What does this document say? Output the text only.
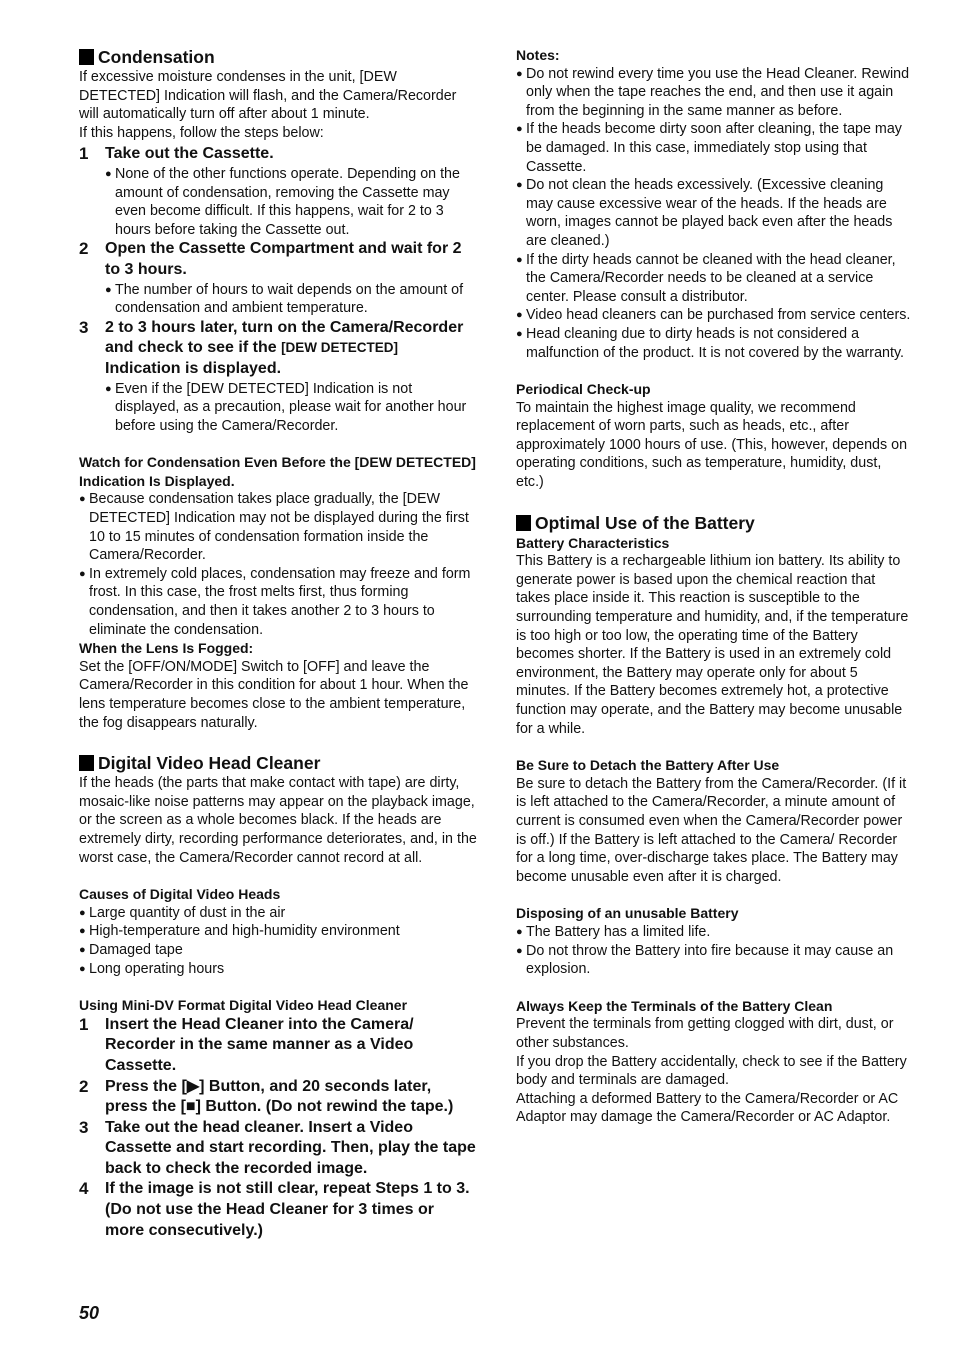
Condensation

If excessive moisture condenses in the unit, [DEW DETECTED] Indication will flash, and the Camera/Recorder will automatically turn off after about 1 minute.

If this happens, follow the steps below:

1 Take out the Cassette.

● None of the other functions operate. Depending on the amount of condensation, removing the Cassette may even become difficult. If this happens, wait for 2 to 3 hours before taking the Cassette out.

2 Open the Cassette Compartment and wait for 2 to 3 hours.

● The number of hours to wait depends on the amount of condensation and ambient temperature.

3 2 to 3 hours later, turn on the Camera/Recorder and check to see if the [DEW DETECTED] Indication is displayed.

● Even if the [DEW DETECTED] Indication is not displayed, as a precaution, please wait for another hour before using the Camera/Recorder.

Watch for Condensation Even Before the [DEW DETECTED] Indication Is Displayed.

● Because condensation takes place gradually, the [DEW DETECTED] Indication may not be displayed during the first 10 to 15 minutes of condensation formation inside the Camera/Recorder.

● In extremely cold places, condensation may freeze and form frost. In this case, the frost melts first, thus forming condensation, and then it takes another 2 to 3 hours to eliminate the condensation.

When the Lens Is Fogged:

Set the [OFF/ON/MODE] Switch to [OFF] and leave the Camera/Recorder in this condition for about 1 hour. When the lens temperature becomes close to the ambient temperature, the fog disappears naturally.

Digital Video Head Cleaner

If the heads (the parts that make contact with tape) are dirty, mosaic-like noise patterns may appear on the playback image, or the screen as a whole becomes black. If the heads are extremely dirty, recording performance deteriorates, and, in the worst case, the Camera/Recorder cannot record at all.

Causes of Digital Video Heads

● Large quantity of dust in the air

● High-temperature and high-humidity environment

● Damaged tape

● Long operating hours

Using Mini-DV Format Digital Video Head Cleaner

1 Insert the Head Cleaner into the Camera/ Recorder in the same manner as a Video Cassette.
2 Press the [▶] Button, and 20 seconds later, press the [■] Button. (Do not rewind the tape.)
3 Take out the head cleaner. Insert a Video Cassette and start recording. Then, play the tape back to check the recorded image.
4 If the image is not still clear, repeat Steps 1 to 3. (Do not use the Head Cleaner for 3 times or more consecutively.)

Notes:

● Do not rewind every time you use the Head Cleaner. Rewind only when the tape reaches the end, and then use it again from the beginning in the same manner as before.

● If the heads become dirty soon after cleaning, the tape may be damaged. In this case, immediately stop using that Cassette.

● Do not clean the heads excessively. (Excessive cleaning may cause excessive wear of the heads. If the heads are worn, images cannot be played back even after the heads are cleaned.)

● If the dirty heads cannot be cleaned with the head cleaner, the Camera/Recorder needs to be cleaned at a service center. Please consult a distributor.

● Video head cleaners can be purchased from service centers.

● Head cleaning due to dirty heads is not considered a malfunction of the product. It is not covered by the warranty.

Periodical Check-up

To maintain the highest image quality, we recommend replacement of worn parts, such as heads, etc., after approximately 1000 hours of use. (This, however, depends on operating conditions, such as temperature, humidity, dust, etc.)

Optimal Use of the Battery

Battery Characteristics

This Battery is a rechargeable lithium ion battery. Its ability to generate power is based upon the chemical reaction that takes place inside it. This reaction is susceptible to the surrounding temperature and humidity, and, if the temperature is too high or too low, the operating time of the Battery becomes shorter. If the Battery is used in an extremely cold environment, the Battery may operate only for about 5 minutes. If the Battery becomes extremely hot, a protective function may operate, and the Battery may become unusable for a while.

Be Sure to Detach the Battery After Use

Be sure to detach the Battery from the Camera/Recorder. (If it is left attached to the Camera/Recorder, a minute amount of current is consumed even when the Camera/Recorder power is off.) If the Battery is left attached to the Camera/ Recorder for a long time, over-discharge takes place. The Battery may become unusable even after it is charged.

Disposing of an unusable Battery

● The Battery has a limited life.

● Do not throw the Battery into fire because it may cause an explosion.

Always Keep the Terminals of the Battery Clean

Prevent the terminals from getting clogged with dirt, dust, or other substances.

If you drop the Battery accidentally, check to see if the Battery body and terminals are damaged.

Attaching a deformed Battery to the Camera/Recorder or AC Adaptor may damage the Camera/Recorder or AC Adaptor.

50
